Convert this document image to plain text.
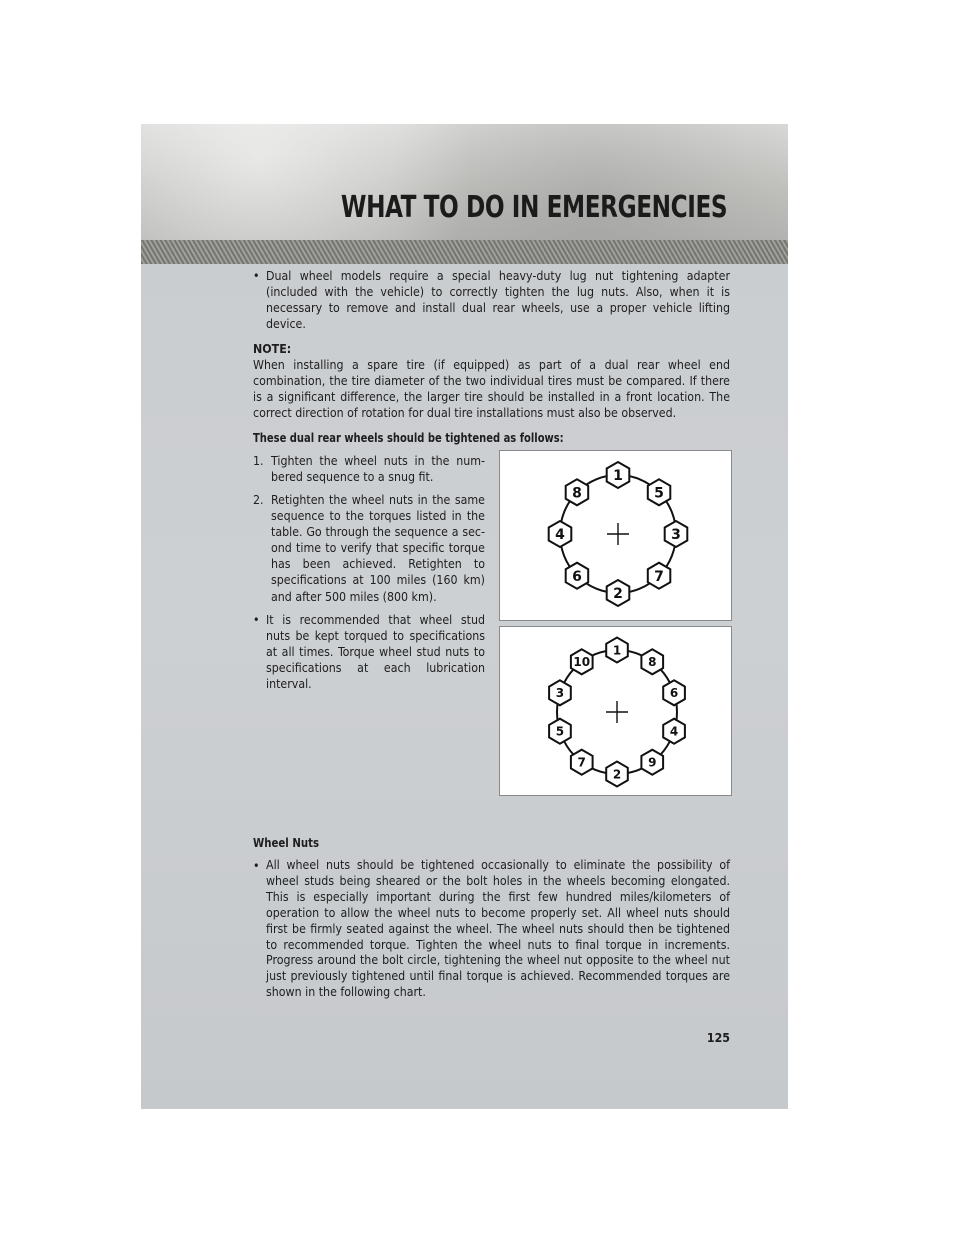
WHAT TO DO IN EMERGENCIES
• Dual wheel models require a special heavy-duty lug nut tightening adapter
(included with the vehicle) to correctly tighten the lug nuts. Also, when it is
necessary to remove and install dual rear wheels, use a proper vehicle lifting
device.
NOTE:
When installing a spare tire (if equipped) as part of a dual rear wheel end
combination, the tire diameter of the two individual tires must be compared. If there
is a significant difference, the larger tire should be installed in a front location. The
correct direction of rotation for dual tire installations must also be observed.
These dual rear wheels should be tightened as follows:
1. Tighten the wheel nuts in the num-
bered sequence to a snug fit.
2. Retighten the wheel nuts in the same
sequence to the torques listed in the
table. Go through the sequence a sec-
ond time to verify that specific torque
has been achieved. Retighten to
specifications at 100 miles (160 km)
and after 500 miles (800 km).
• It is recommended that wheel stud
nuts be kept torqued to specifications
at all times. Torque wheel stud nuts to
specifications at each lubrication
interval.
1
5
3
7
2
6
4
8
1
8
6
4
9
2
7
5
3
10
Wheel Nuts
• All wheel nuts should be tightened occasionally to eliminate the possibility of
wheel studs being sheared or the bolt holes in the wheels becoming elongated.
This is especially important during the first few hundred miles/kilometers of
operation to allow the wheel nuts to become properly set. All wheel nuts should
first be firmly seated against the wheel. The wheel nuts should then be tightened
to recommended torque. Tighten the wheel nuts to final torque in increments.
Progress around the bolt circle, tightening the wheel nut opposite to the wheel nut
just previously tightened until final torque is achieved. Recommended torques are
shown in the following chart.
125
